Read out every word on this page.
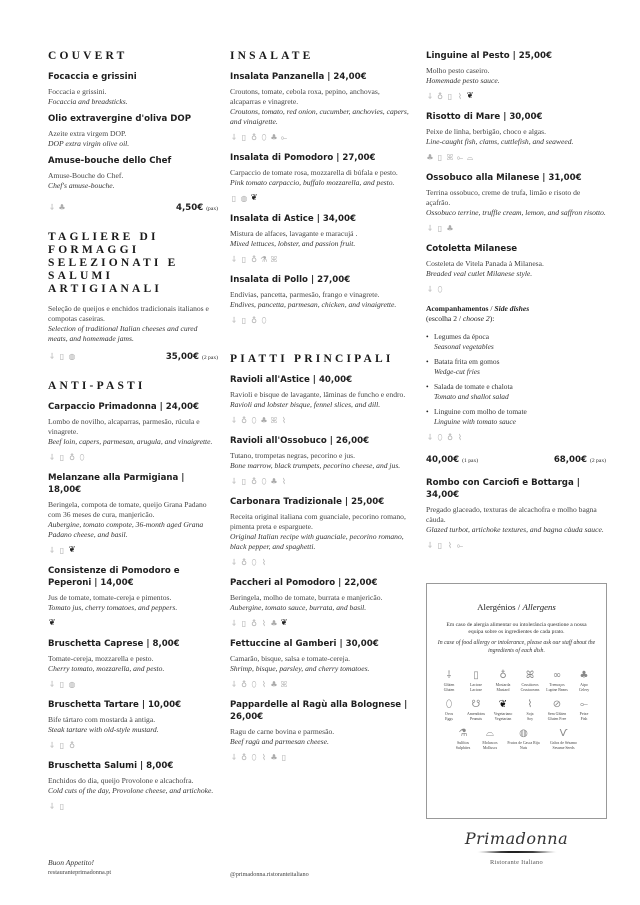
COUVERT
Focaccia e grissini
Foccacia e grissini.
Focaccia and breadsticks.
Olio extravergine d'oliva DOP
Azeite extra virgem DOP.
DOP extra virgin olive oil.
Amuse-bouche dello Chef
Amuse-Bouche do Chef.
Chef's amuse-bouche.
⸸ ♣	4,50€ (pax)
TAGLIERE DI FORMAGGI SELEZIONATI E SALUMI ARTIGIANALI
Seleção de queijos e enchidos tradicionais italianos e compotas caseiras.
Selection of traditional Italian cheeses and cured meats, and homemade jams.
⸸ ▯ ◍	35,00€ (2 pax)
ANTI-PASTI
Carpaccio Primadonna | 24,00€
Lombo de novilho, alcaparras, parmesão, rúcula e vinagrete.
Beef loin, capers, parmesan, arugula, and vinaigrette.
⸸ ▯ ♁ ⬯
Melanzane alla Parmigiana | 18,00€
Beringela, compota de tomate, queijo Grana Padano com 36 meses de cura, manjericão.
Aubergine, tomato compote, 36-month aged Grana Padano cheese, and basil.
⸸ ▯ ❦
Consistenze di Pomodoro e Peperoni | 14,00€
Jus de tomate, tomate-cereja e pimentos.
Tomato jus, cherry tomatoes, and peppers.
❦
Bruschetta Caprese | 8,00€
Tomate-cereja, mozzarella e pesto.
Cherry tomato, mozzarella, and pesto.
⸸ ▯ ◍
Bruschetta Tartare | 10,00€
Bife tártaro com mostarda à antiga.
Steak tartare with old-style mustard.
⸸ ▯ ♁
Bruschetta Salumi | 8,00€
Enchidos do dia, queijo Provolone e alcachofra.
Cold cuts of the day, Provolone cheese, and artichoke.
⸸ ▯
INSALATE
Insalata Panzanella | 24,00€
Croutons, tomate, cebola roxa, pepino, anchovas, alcaparras e vinagrete.
Croutons, tomato, red onion, cucumber, anchovies, capers, and vinaigrette.
⸸ ▯ ♁ ⬯ ♣ ⟜
Insalata di Pomodoro | 27,00€
Carpaccio de tomate rosa, mozzarella di búfala e pesto.
Pink tomato carpaccio, buffalo mozzarella, and pesto.
▯ ◍ ❦
Insalata di Astice | 34,00€
Mistura de alfaces, lavagante e maracujá .
Mixed lettuces, lobster, and passion fruit.
⸸ ▯ ♁ ⚗ ꕤ
Insalata di Pollo | 27,00€
Endívias, pancetta, parmesão, frango e vinagrete.
Endives, pancetta, parmesan, chicken, and vinaigrette.
⸸ ▯ ♁ ⬯
PIATTI PRINCIPALI
Ravioli all'Astice | 40,00€
Ravioli e bisque de lavagante, lâminas de funcho e endro.
Ravioli and lobster bisque, fennel slices, and dill.
⸸ ♁ ⬯ ♣ ꕤ ⌇
Ravioli all'Ossobuco | 26,00€
Tutano, trompetas negras, pecorino e jus.
Bone marrow, black trumpets, pecorino cheese, and jus.
⸸ ▯ ♁ ⬯ ♣ ⌇
Carbonara Tradizionale | 25,00€
Receita original italiana com guanciale, pecorino romano, pimenta preta e esparguete.
Original Italian recipe with guanciale, pecorino romano, black pepper, and spaghetti.
⸸ ♁ ⬯ ⌇
Paccheri al Pomodoro | 22,00€
Beringela, molho de tomate, burrata e manjericão.
Aubergine, tomato sauce, burrata, and basil.
⸸ ▯ ♁ ⌇ ♣ ❦
Fettuccine al Gamberi | 30,00€
Camarão, bisque, salsa e tomate-cereja.
Shrimp, bisque, parsley, and cherry tomatoes.
⸸ ♁ ⬯ ⌇ ♣ ꕤ
Pappardelle al Ragù alla Bolognese | 26,00€
Ragu de carne bovina e parmesão.
Beef ragù and parmesan cheese.
⸸ ♁ ⬯ ⌇ ♣ ▯
Linguine al Pesto | 25,00€
Molho pesto caseiro.
Homemade pesto sauce.
⸸ ♁ ▯ ⌇ ❦
Risotto di Mare | 30,00€
Peixe de linha, berbigão, choco e algas.
Line-caught fish, clams, cuttlefish, and seaweed.
♣ ▯ ꕤ ⟜ ⌓
Ossobuco alla Milanese | 31,00€
Terrina ossobuco, creme de trufa, limão e risoto de açafrão.
Ossobuco terrine, truffle cream, lemon, and saffron risotto.
⸸ ▯ ♣
Cotoletta Milanese
Costeleta de Vitela Panada à Milanesa.
Breaded veal cutlet Milanese style.
⸸ ⬯
Acompanhamentos / Side dishes
(escolha 2 / choose 2):
• Legumes da época
Seasonal vegetables
• Batata frita em gomos
Wedge-cut fries
• Salada de tomate e chalota
Tomato and shallot salad
• Linguine com molho de tomate
Linguine with tomato sauce
⸸ ⬯ ♁ ⌇
40,00€ (1 pax)	68,00€ (2 pax)
Rombo con Carciofi e Bottarga | 34,00€
Pregado glaceado, texturas de alcachofra e molho bagna càuda.
Glazed turbot, artichoke textures, and bagna càuda sauce.
⸸ ▯ ⌇ ⟜
Alergénios / Allergens
Em caso de alergia alimentar ou intolerância questione a nossa equipa sobre os ingredientes de cada prato.
In case of food allergy or intolerance, please ask our staff about the ingredients of each dish.
⸸
Glúten
Gluten
▯
Lactose
Lactose
♁
Mostarda
Mustard
ꕤ
Crustáceos
Crustaceans
∞
Tremoços
Lupine Beans
♣
Aipo
Celery
⬯
Ovos
Eggs
☋
Amendoins
Peanuts
❦
Vegetariano
Vegetarian
⌇
Soja
Soy
⊘
Sem Glúten
Gluten Free
⟜
Peixe
Fish
⚗
Sulfitos
Sulphites
⌓
Moluscos
Molluscs
◍
Frutos de Casca Rija
Nuts
Ѵ
Grãos de Sésamo
Sesame Seeds
Primadonna
Ristorante Italiano
Buon Appetito!
restauranteprimadonna.pt	@primadonna.ristoranteitaliano
